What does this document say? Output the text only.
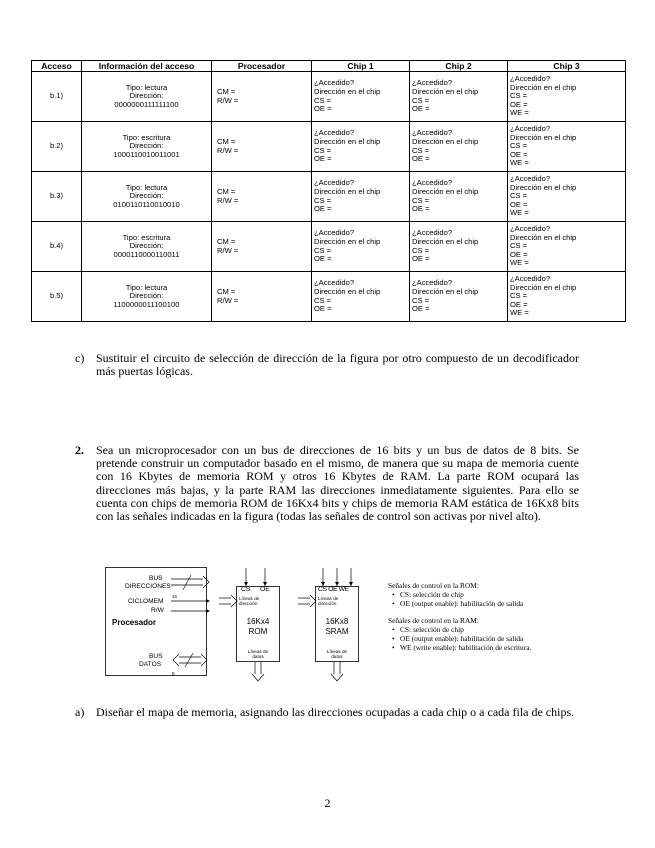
Acceso	Información del acceso	Procesador	Chip 1	Chip 2	Chip 3
b.1)	Tipo: lectura
Dirección:
0000000111111100	CM =
R/W =	¿Accedido?
Dirección en el chip
CS =
OE =	¿Accedido?
Dirección en el chip
CS =
OE =	¿Accedido?
Dirección en el chip
CS =
OE =
WE =

b.2)	Tipo: escritura
Dirección:
1000110010011001	CM =
R/W =	¿Accedido?
Dirección en el chip
CS =
OE =	¿Accedido?
Dirección en el chip
CS =
OE =	¿Accedido?
Dirección en el chip
CS =
OE =
WE =

b.3)	Tipo: lectura
Dirección:
0100110110010010	CM =
R/W =	¿Accedido?
Dirección en el chip
CS =
OE =	¿Accedido?
Dirección en el chip
CS =
OE =	¿Accedido?
Dirección en el chip
CS =
OE =
WE =

b.4)	Tipo: escritura
Dirección:
0000110000110011	CM =
R/W =	¿Accedido?
Dirección en el chip
CS =
OE =	¿Accedido?
Dirección en el chip
CS =
OE =	¿Accedido?
Dirección en el chip
CS =
OE =
WE =

b.5)	Tipo: lectura
Dirección:
1100000011100100	CM =
R/W =	¿Accedido?
Dirección en el chip
CS =
OE =	¿Accedido?
Dirección en el chip
CS =
OE =	¿Accedido?
Dirección en el chip
CS =
OE =
WE =
c) Sustituir el circuito de selección de dirección de la figura por otro compuesto de un decodificador más puertas lógicas.
2. Sea un microprocesador con un bus de direcciones de 16 bits y un bus de datos de 8 bits. Se pretende construir un computador basado en el mismo, de manera que su mapa de memoria cuente con 16 Kbytes de memoria ROM y otros 16 Kbytes de RAM. La parte ROM ocupará las direcciones más bajas, y la parte RAM las direcciones inmediatamente siguientes. Para ello se cuenta con chips de memoria ROM de 16Kx4 bits y chips de memoria RAM estática de 16Kx8 bits con las señales indicadas en la figura (todas las señales de control son activas por nivel alto).
BUS
DIRECCIONES
16
CICLOMEM
R/W
Procesador
BUS
DATOS
8
CS OE
Líneas de
dirección
16Kx4
ROM
Líneas de
datos
CS OE WE
Líneas de
dirección
16Kx8
SRAM
Líneas de
datos
Señales de control en la ROM:
• CS: selección de chip
• OE (output enable): habilitación de salida
Señales de control en la RAM:
• CS: selección de chip
• OE (output enable): habilitación de salida
• WE (write enable): habilitación de escritura.
a) Diseñar el mapa de memoria, asignando las direcciones ocupadas a cada chip o a cada fila de chips.
2
